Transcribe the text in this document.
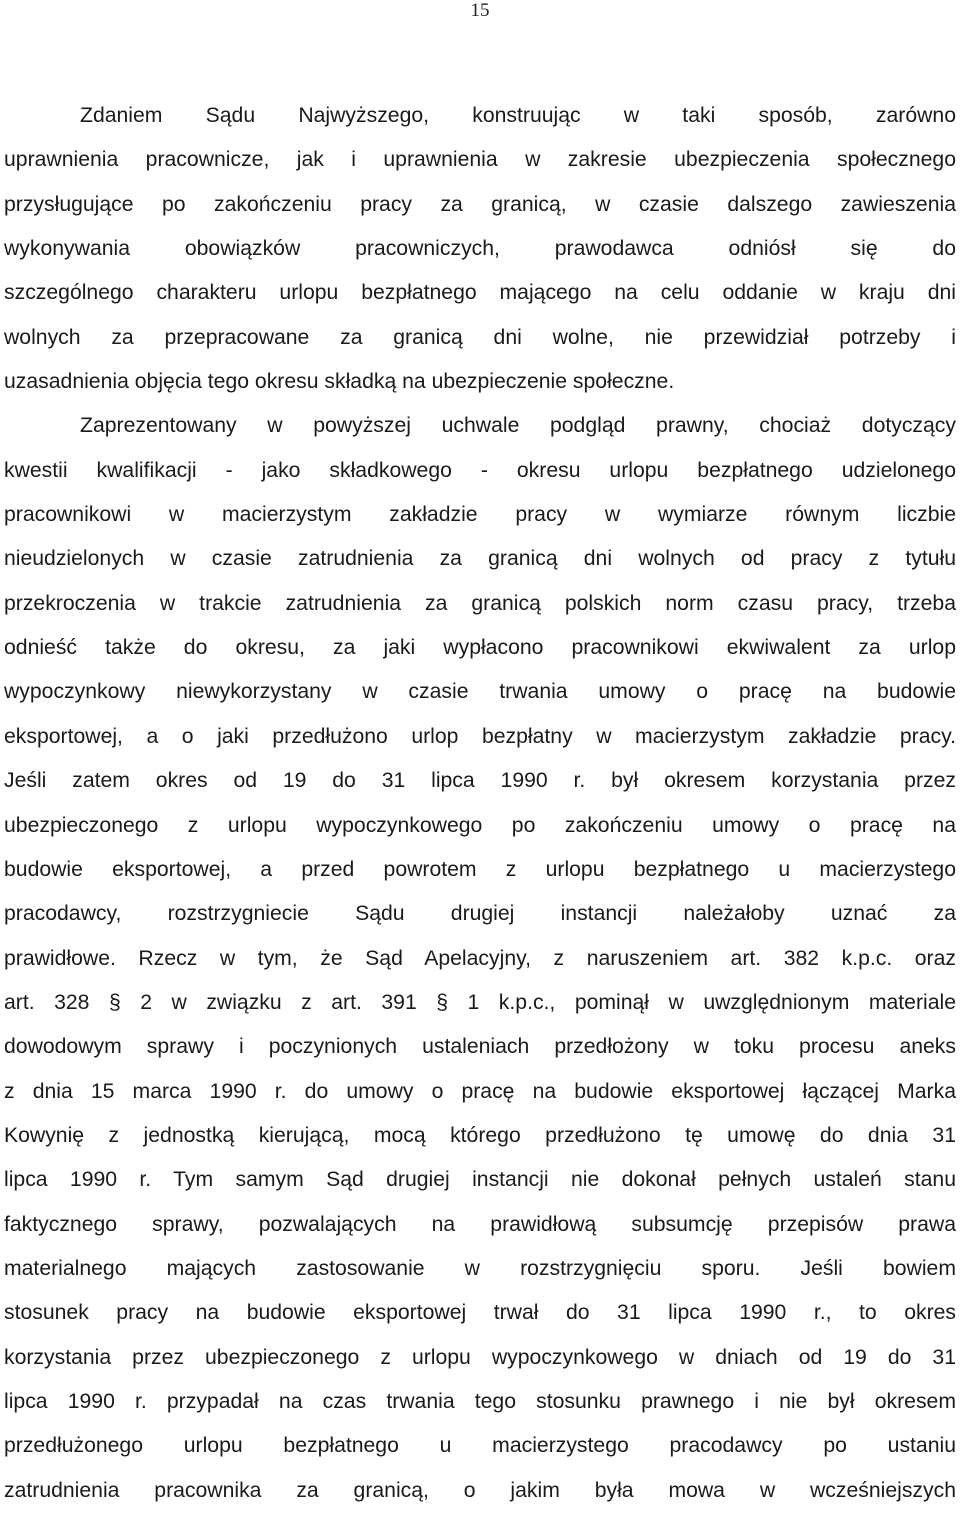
15
Zdaniem Sądu Najwyższego, konstruując w taki sposób, zarówno
uprawnienia pracownicze, jak i uprawnienia w zakresie ubezpieczenia społecznego
przysługujące po zakończeniu pracy za granicą, w czasie dalszego zawieszenia
wykonywania obowiązków pracowniczych, prawodawca odniósł się do
szczególnego charakteru urlopu bezpłatnego mającego na celu oddanie w kraju dni
wolnych za przepracowane za granicą dni wolne, nie przewidział potrzeby i
uzasadnienia objęcia tego okresu składką na ubezpieczenie społeczne.
Zaprezentowany w powyższej uchwale podgląd prawny, chociaż dotyczący
kwestii kwalifikacji - jako składkowego - okresu urlopu bezpłatnego udzielonego
pracownikowi w macierzystym zakładzie pracy w wymiarze równym liczbie
nieudzielonych w czasie zatrudnienia za granicą dni wolnych od pracy z tytułu
przekroczenia w trakcie zatrudnienia za granicą polskich norm czasu pracy, trzeba
odnieść także do okresu, za jaki wypłacono pracownikowi ekwiwalent za urlop
wypoczynkowy niewykorzystany w czasie trwania umowy o pracę na budowie
eksportowej, a o jaki przedłużono urlop bezpłatny w macierzystym zakładzie pracy.
Jeśli zatem okres od 19 do 31 lipca 1990 r. był okresem korzystania przez
ubezpieczonego z urlopu wypoczynkowego po zakończeniu umowy o pracę na
budowie eksportowej, a przed powrotem z urlopu bezpłatnego u macierzystego
pracodawcy, rozstrzygniecie Sądu drugiej instancji należałoby uznać za
prawidłowe. Rzecz w tym, że Sąd Apelacyjny, z naruszeniem art. 382 k.p.c. oraz
art. 328 § 2 w związku z art. 391 § 1 k.p.c., pominął w uwzględnionym materiale
dowodowym sprawy i poczynionych ustaleniach przedłożony w toku procesu aneks
z dnia 15 marca 1990 r. do umowy o pracę na budowie eksportowej łączącej Marka
Kowynię z jednostką kierującą, mocą którego przedłużono tę umowę do dnia 31
lipca 1990 r. Tym samym Sąd drugiej instancji nie dokonał pełnych ustaleń stanu
faktycznego sprawy, pozwalających na prawidłową subsumcję przepisów prawa
materialnego mających zastosowanie w rozstrzygnięciu sporu. Jeśli bowiem
stosunek pracy na budowie eksportowej trwał do 31 lipca 1990 r., to okres
korzystania przez ubezpieczonego z urlopu wypoczynkowego w dniach od 19 do 31
lipca 1990 r. przypadał na czas trwania tego stosunku prawnego i nie był okresem
przedłużonego urlopu bezpłatnego u macierzystego pracodawcy po ustaniu
zatrudnienia pracownika za granicą, o jakim była mowa w wcześniejszych
